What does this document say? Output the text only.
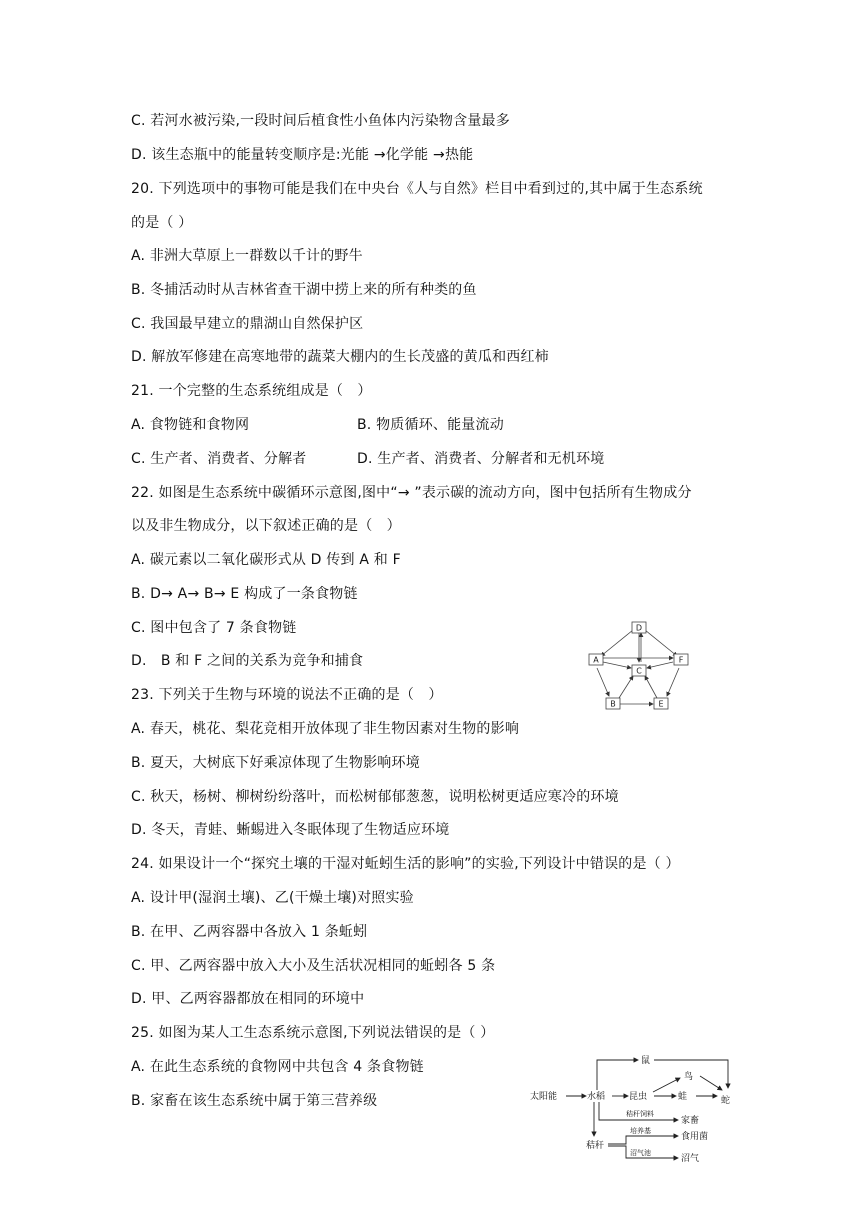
C. 若河水被污染,一段时间后植食性小鱼体内污染物含量最多
D. 该生态瓶中的能量转变顺序是:光能 →化学能 →热能
20. 下列选项中的事物可能是我们在中央台《人与自然》栏目中看到过的,其中属于生态系统
的是（ ）
A. 非洲大草原上一群数以千计的野牛
B. 冬捕活动时从吉林省查干湖中捞上来的所有种类的鱼
C. 我国最早建立的鼎湖山自然保护区
D. 解放军修建在高寒地带的蔬菜大棚内的生长茂盛的黄瓜和西红柿
21. 一个完整的生态系统组成是（　）
A. 食物链和食物网	B. 物质循环、能量流动
C. 生产者、消费者、分解者	D. 生产者、消费者、分解者和无机环境
22. 如图是生态系统中碳循环示意图,图中“→ ”表示碳的流动方向，图中包括所有生物成分
以及非生物成分，以下叙述正确的是（　）
A. 碳元素以二氧化碳形式从 D 传到 A 和 F
B. D→ A→ B→ E 构成了一条食物链
C. 图中包含了 7 条食物链
D.　B 和 F 之间的关系为竞争和捕食
23. 下列关于生物与环境的说法不正确的是（　）
A. 春天，桃花、梨花竞相开放体现了非生物因素对生物的影响
B. 夏天，大树底下好乘凉体现了生物影响环境
C. 秋天，杨树、柳树纷纷落叶，而松树郁郁葱葱，说明松树更适应寒冷的环境
D. 冬天，青蛙、蜥蜴进入冬眠体现了生物适应环境
24. 如果设计一个“探究土壤的干湿对蚯蚓生活的影响”的实验,下列设计中错误的是（ ）
A. 设计甲(湿润土壤)、乙(干燥土壤)对照实验
B. 在甲、乙两容器中各放入 1 条蚯蚓
C. 甲、乙两容器中放入大小及生活状况相同的蚯蚓各 5 条
D. 甲、乙两容器都放在相同的环境中
25. 如图为某人工生态系统示意图,下列说法错误的是（ ）
A. 在此生态系统的食物网中共包含 4 条食物链
B. 家畜在该生态系统中属于第三营养级
D
A	F
C
B	E
太阳能	水稻
鼠
鸟
昆虫	蛙	蛇
家畜
秸秆
食用菌
沼气
秸秆饲料
培养基
沼气池
